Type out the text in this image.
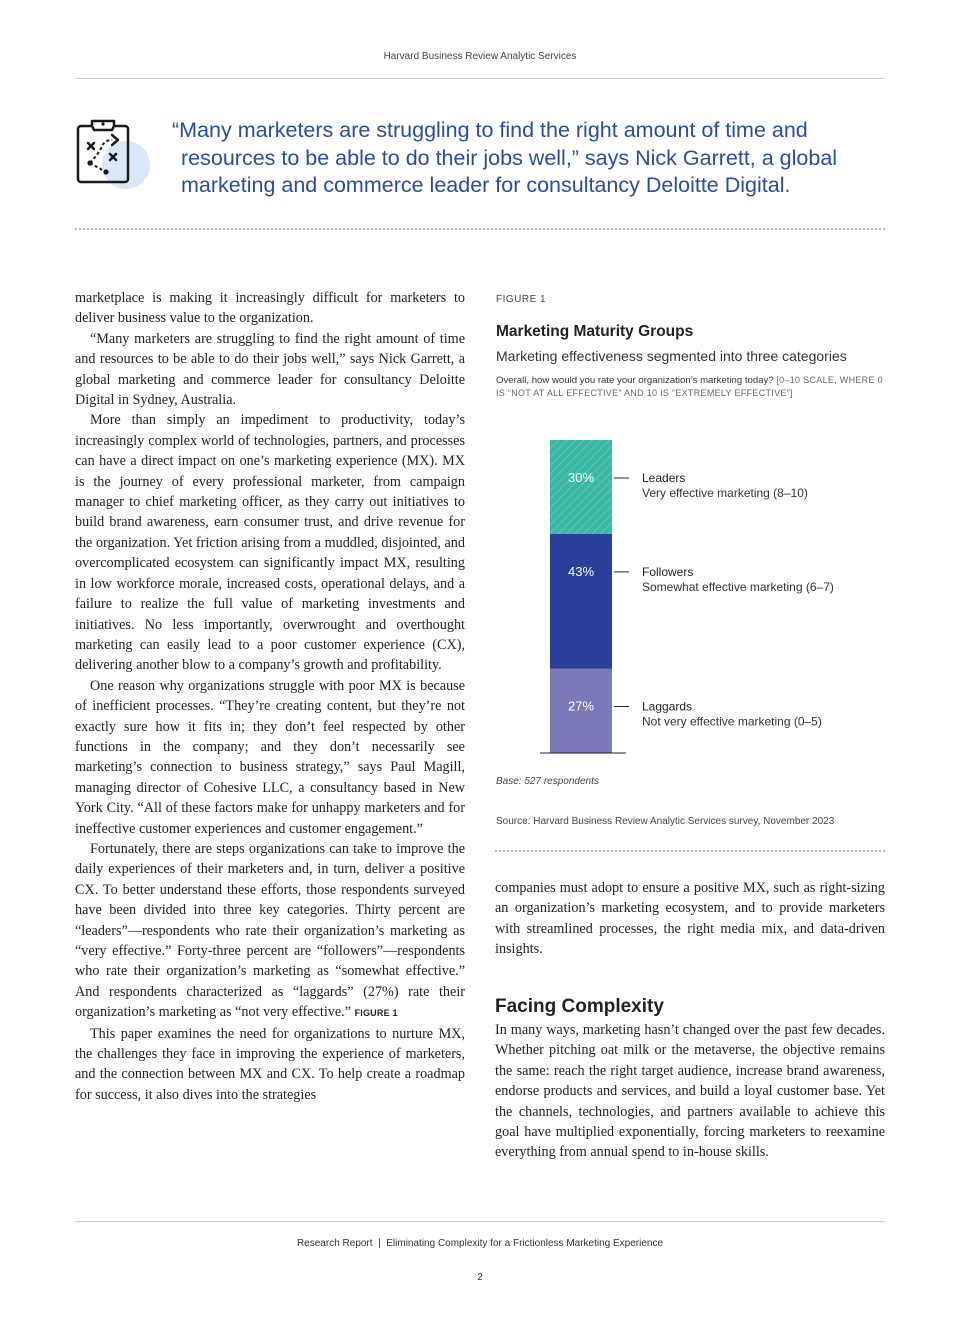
Harvard Business Review Analytic Services
“Many marketers are struggling to find the right amount of time and
resources to be able to do their jobs well,” says Nick Garrett, a global
marketing and commerce leader for consultancy Deloitte Digital.

marketplace is making it increasingly difficult for marketers to deliver business value to the organization.

“Many marketers are struggling to find the right amount of time and resources to be able to do their jobs well,” says Nick Garrett, a global marketing and commerce leader for consultancy Deloitte Digital in Sydney, Australia.

More than simply an impediment to productivity, today’s increasingly complex world of technologies, partners, and processes can have a direct impact on one’s marketing experience (MX). MX is the journey of every professional marketer, from campaign manager to chief marketing officer, as they carry out initiatives to build brand awareness, earn consumer trust, and drive revenue for the organization. Yet friction arising from a muddled, disjointed, and overcomplicated ecosystem can significantly impact MX, resulting in low workforce morale, increased costs, operational delays, and a failure to realize the full value of marketing investments and initiatives. No less importantly, overwrought and overthought marketing can easily lead to a poor customer experience (CX), delivering another blow to a company’s growth and profitability.

One reason why organizations struggle with poor MX is because of inefficient processes. “They’re creating content, but they’re not exactly sure how it fits in; they don’t feel respected by other functions in the company; and they don’t necessarily see marketing’s connection to business strategy,” says Paul Magill, managing director of Cohesive LLC, a consultancy based in New York City. “All of these factors make for unhappy marketers and for ineffective customer experiences and customer engagement.”

Fortunately, there are steps organizations can take to improve the daily experiences of their marketers and, in turn, deliver a positive CX. To better understand these efforts, those respondents surveyed have been divided into three key categories. Thirty percent are “leaders”—respondents who rate their organization’s marketing as “very effective.” Forty-three percent are “followers”—respondents who rate their organization’s marketing as “somewhat effective.” And respondents characterized as “laggards” (27%) rate their organization’s marketing as “not very effective.” FIGURE 1

This paper examines the need for organizations to nurture MX, the challenges they face in improving the experience of marketers, and the connection between MX and CX. To help create a roadmap for success, it also dives into the strategies

FIGURE 1
Marketing Maturity Groups
Marketing effectiveness segmented into three categories
Overall, how would you rate your organization’s marketing today? [0–10 SCALE, WHERE 0 IS “NOT AT ALL EFFECTIVE” AND 10 IS “EXTREMELY EFFECTIVE”]
30%	Leaders
Very effective marketing (8–10)
43%	Followers
Somewhat effective marketing (6–7)
27%	Laggards
Not very effective marketing (0–5)
Base: 527 respondents
Source: Harvard Business Review Analytic Services survey, November 2023

companies must adopt to ensure a positive MX, such as right-sizing an organization’s marketing ecosystem, and to provide marketers with streamlined processes, the right media mix, and data-driven insights.

Facing Complexity

In many ways, marketing hasn’t changed over the past few decades. Whether pitching oat milk or the metaverse, the objective remains the same: reach the right target audience, increase brand awareness, endorse products and services, and build a loyal customer base. Yet the channels, technologies, and partners available to achieve this goal have multiplied exponentially, forcing marketers to reexamine everything from annual spend to in-house skills.

Research Report  |  Eliminating Complexity for a Frictionless Marketing Experience
2
